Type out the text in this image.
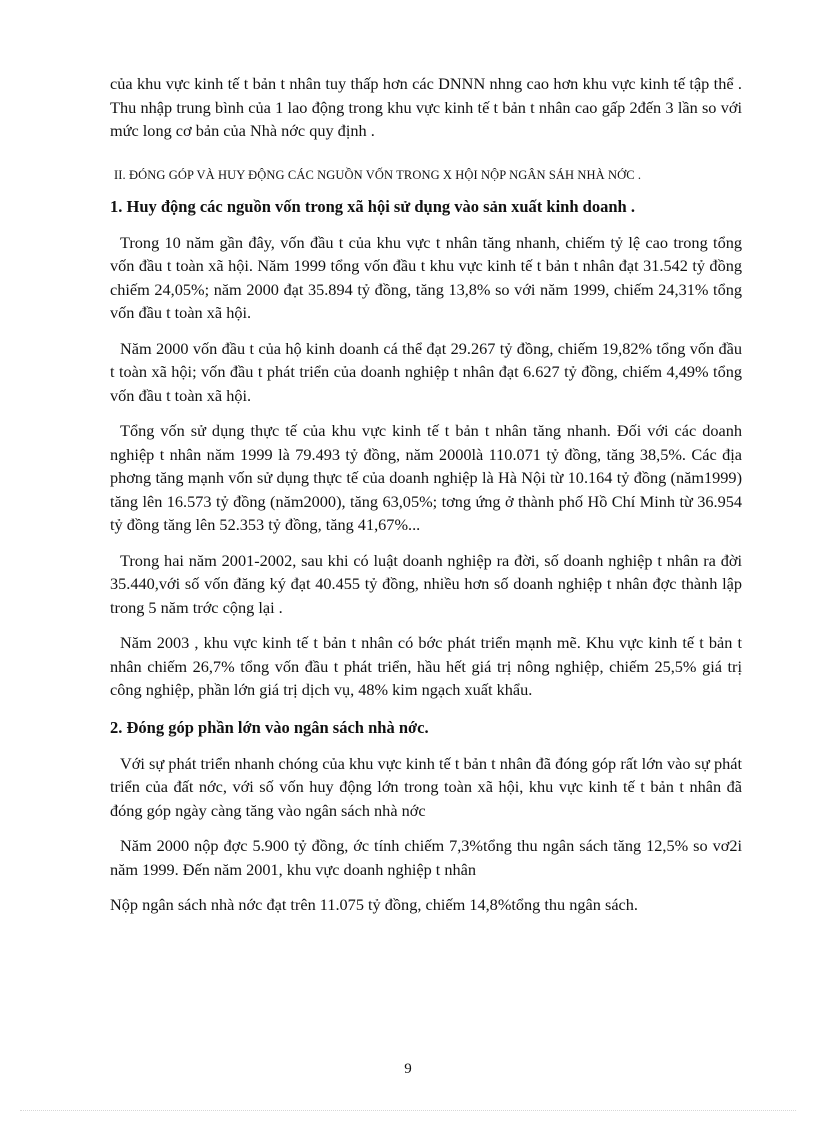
của khu vực kinh tế t bản t nhân tuy thấp hơn các DNNN nhng cao hơn khu vực kinh tế tập thể . Thu nhập trung bình của 1 lao động trong khu vực kinh tế t bản t nhân cao gấp 2đến 3 lần so với mức long cơ bản của Nhà nớc quy định .

II. ĐÓNG GÓP VÀ HUY ĐỘNG CÁC NGUỒN VỐN TRONG X HỘI NỘP NGÂN SÁH NHÀ NỚC .
1. Huy động các nguồn vốn trong xã hội sử dụng vào sản xuất kinh doanh .

Trong 10 năm gần đây, vốn đầu t của khu vực t nhân tăng nhanh, chiếm tỷ lệ cao trong tổng vốn đầu t toàn xã hội. Năm 1999 tổng vốn đầu t khu vực kinh tế t bản t nhân đạt 31.542 tỷ đồng chiếm 24,05%; năm 2000 đạt 35.894 tỷ đồng, tăng 13,8% so với năm 1999, chiếm 24,31% tổng vốn đầu t toàn xã hội.

Năm 2000 vốn đầu t của hộ kinh doanh cá thể đạt 29.267 tỷ đồng, chiếm 19,82% tổng vốn đầu t toàn xã hội; vốn đầu t phát triển của doanh nghiệp t nhân đạt 6.627 tỷ đồng, chiếm 4,49% tổng vốn đầu t toàn xã hội.

Tổng vốn sử dụng thực tế của khu vực kinh tế t bản t nhân tăng nhanh. Đối với các doanh nghiệp t nhân năm 1999 là 79.493 tỷ đồng, năm 2000là 110.071 tỷ đồng, tăng 38,5%. Các địa phơng tăng mạnh vốn sử dụng thực tế của doanh nghiệp là Hà Nội từ 10.164 tỷ đồng (năm1999) tăng lên 16.573 tỷ đồng (năm2000), tăng 63,05%; tơng ứng ở thành phố Hồ Chí Minh từ 36.954 tỷ đồng tăng lên 52.353 tỷ đồng, tăng 41,67%...

Trong hai năm 2001-2002, sau khi có luật doanh nghiệp ra đời, số doanh nghiệp t nhân ra đời 35.440,với số vốn đăng ký đạt 40.455 tỷ đồng, nhiều hơn số doanh nghiệp t nhân đợc thành lập trong 5 năm trớc cộng lại .

Năm 2003 , khu vực kinh tế t bản t nhân có bớc phát triển mạnh mẽ. Khu vực kinh tế t bản t nhân chiếm 26,7% tổng vốn đầu t phát triển, hầu hết giá trị nông nghiệp, chiếm 25,5% giá trị công nghiệp, phần lớn giá trị dịch vụ, 48% kim ngạch xuất khẩu.

2. Đóng góp phần lớn vào ngân sách nhà nớc.

Với sự phát triển nhanh chóng của khu vực kinh tế t bản t nhân đã đóng góp rất lớn vào sự phát triển của đất nớc, với số vốn huy động lớn trong toàn xã hội, khu vực kinh tế t bản t nhân đã đóng góp ngày càng tăng vào ngân sách nhà nớc

Năm 2000 nộp đợc 5.900 tỷ đồng, ớc tính chiếm 7,3%tổng thu ngân sách tăng 12,5% so vơ2i năm 1999. Đến năm 2001, khu vực doanh nghiệp t nhân

Nộp ngân sách nhà nớc đạt trên 11.075 tỷ đồng, chiếm 14,8%tổng thu ngân sách.

9
